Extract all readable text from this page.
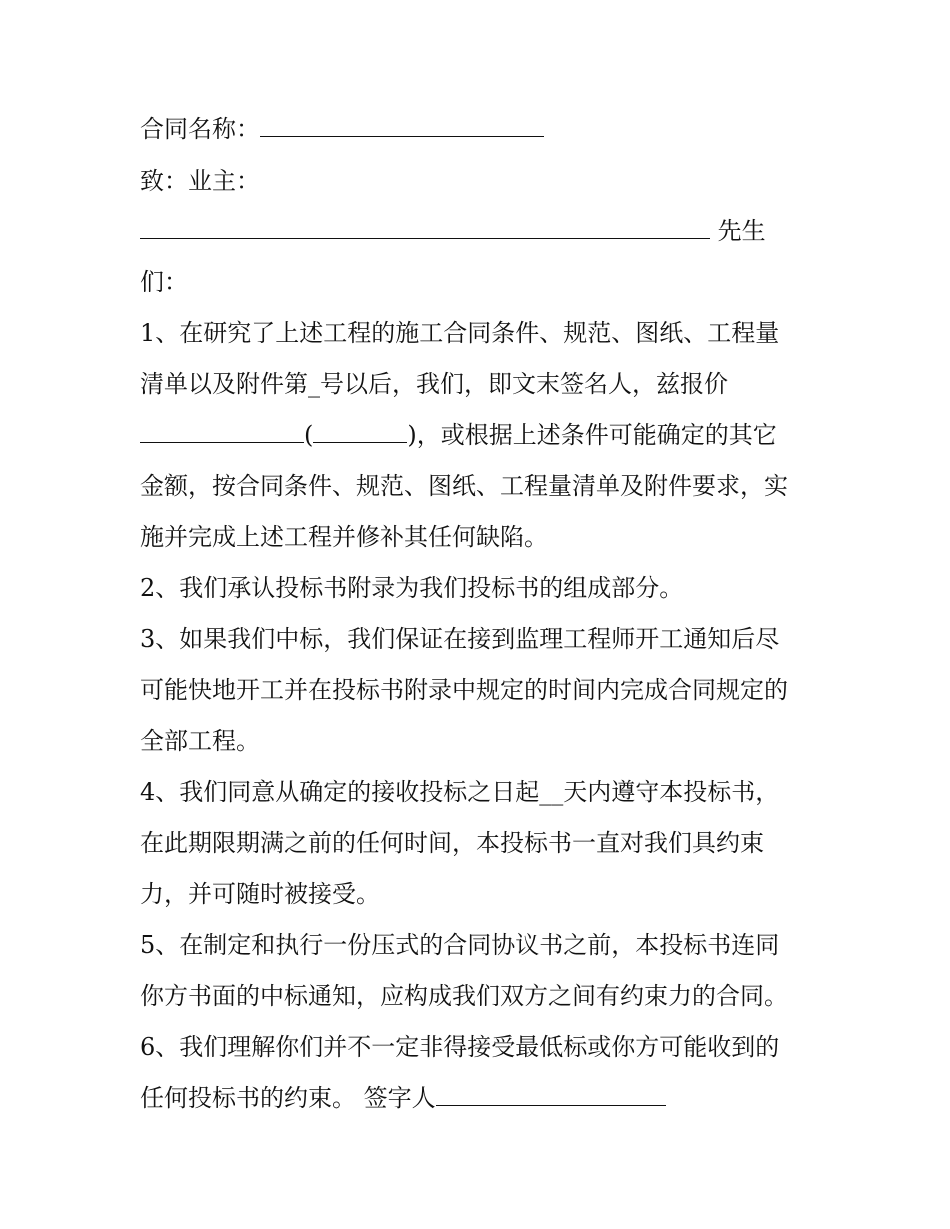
合同名称：
致：业主：
先生
们：
1、在研究了上述工程的施工合同条件、规范、图纸、工程量
清单以及附件第_号以后，我们，即文末签名人，兹报价
(	)，或根据上述条件可能确定的其它
金额，按合同条件、规范、图纸、工程量清单及附件要求，实
施并完成上述工程并修补其任何缺陷。
2、我们承认投标书附录为我们投标书的组成部分。
3、如果我们中标，我们保证在接到监理工程师开工通知后尽
可能快地开工并在投标书附录中规定的时间内完成合同规定的
全部工程。
4、我们同意从确定的接收投标之日起__天内遵守本投标书，
在此期限期满之前的任何时间，本投标书一直对我们具约束
力，并可随时被接受。
5、在制定和执行一份压式的合同协议书之前，本投标书连同
你方书面的中标通知，应构成我们双方之间有约束力的合同。
6、我们理解你们并不一定非得接受最低标或你方可能收到的
任何投标书的约束。 签字人
